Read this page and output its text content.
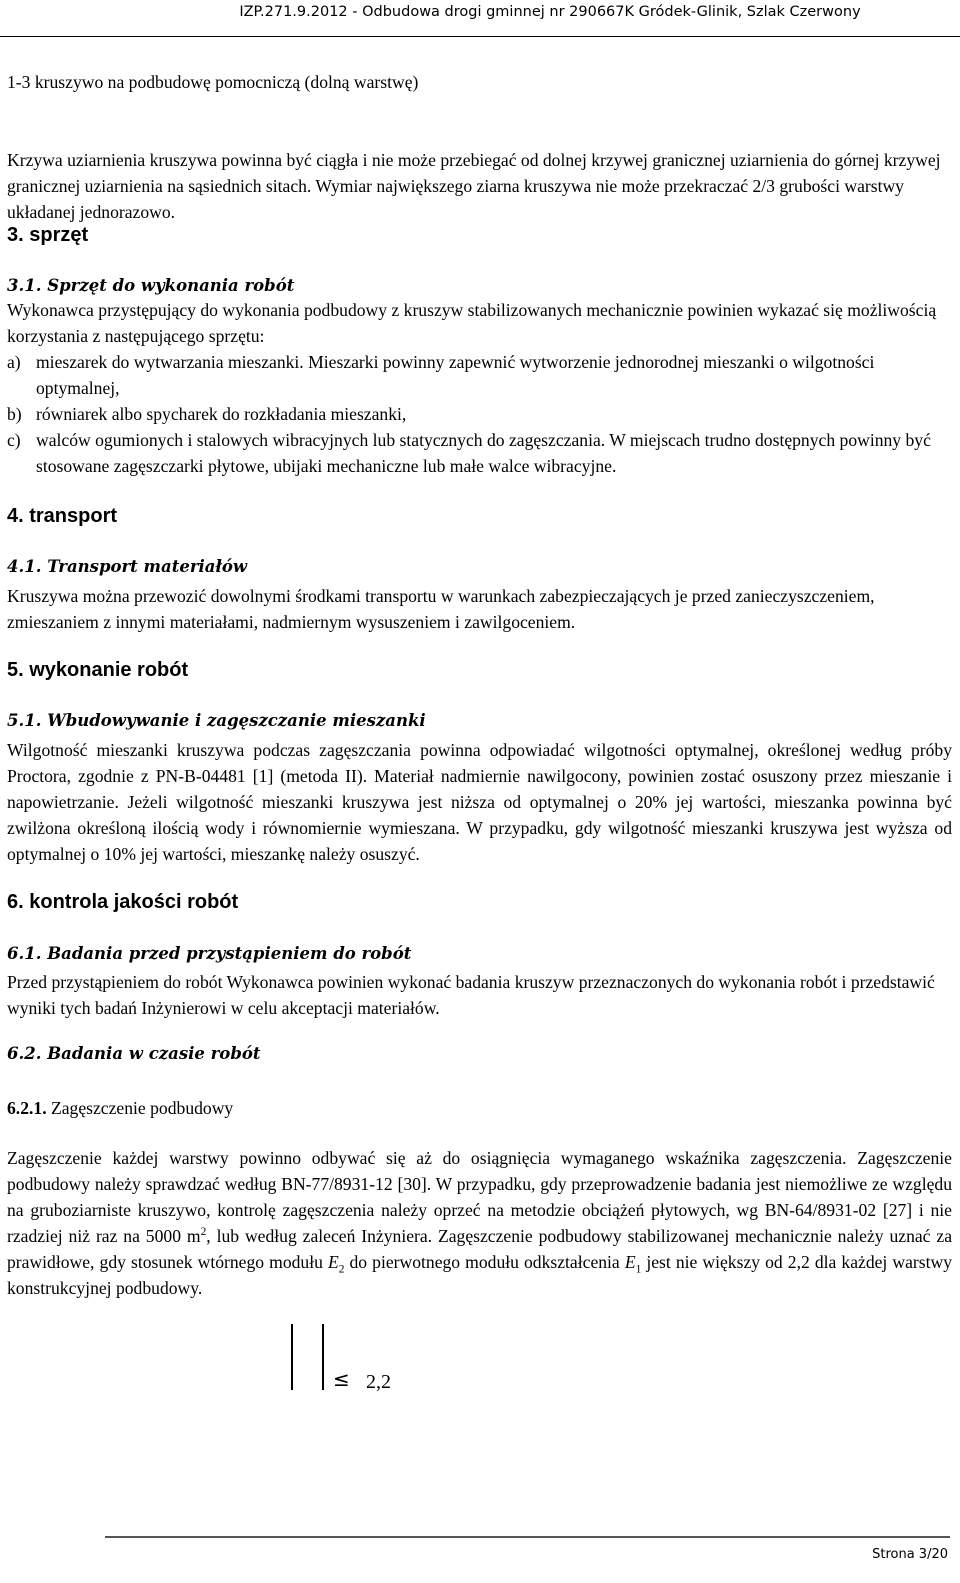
IZP.271.9.2012 - Odbudowa drogi gminnej nr 290667K Gródek-Glinik, Szlak Czerwony
1-3 kruszywo na podbudowę pomocniczą (dolną warstwę)
Krzywa uziarnienia kruszywa powinna być ciągła i nie może przebiegać od dolnej krzywej granicznej uziarnienia do górnej krzywej granicznej uziarnienia na sąsiednich sitach. Wymiar największego ziarna kruszywa nie może przekraczać 2/3 grubości warstwy układanej jednorazowo.
3. sprzęt
3.1. Sprzęt do wykonania robót
Wykonawca przystępujący do wykonania podbudowy z kruszyw stabilizowanych mechanicznie powinien wykazać się możliwością korzystania z następującego sprzętu:
a) mieszarek do wytwarzania mieszanki. Mieszarki powinny zapewnić wytworzenie jednorodnej mieszanki o wilgotności optymalnej,
b) równiarek albo spycharek do rozkładania mieszanki,
c) walców ogumionych i stalowych wibracyjnych lub statycznych do zagęszczania. W miejscach trudno dostępnych powinny być stosowane zagęszczarki płytowe, ubijaki mechaniczne lub małe walce wibracyjne.
4. transport
4.1. Transport materiałów
Kruszywa można przewozić dowolnymi środkami transportu w warunkach zabezpieczających je przed zanieczyszczeniem, zmieszaniem z innymi materiałami, nadmiernym wysuszeniem i zawilgoceniem.
5. wykonanie robót
5.1. Wbudowywanie i zagęszczanie mieszanki
Wilgotność mieszanki kruszywa podczas zagęszczania powinna odpowiadać wilgotności optymalnej, określonej według próby Proctora, zgodnie z PN-B-04481 [1] (metoda II). Materiał nadmiernie nawilgocony, powinien zostać osuszony przez mieszanie i napowietrzanie. Jeżeli wilgotność mieszanki kruszywa jest niższa od optymalnej o 20% jej wartości, mieszanka powinna być zwilżona określoną ilością wody i równomiernie wymieszana. W przypadku, gdy wilgotność mieszanki kruszywa jest wyższa od optymalnej o 10% jej wartości, mieszankę należy osuszyć.
6. kontrola jakości robót
6.1. Badania przed przystąpieniem do robót
Przed przystąpieniem do robót Wykonawca powinien wykonać badania kruszyw przeznaczonych do wykonania robót i przedstawić wyniki tych badań Inżynierowi w celu akceptacji materiałów.
6.2. Badania w czasie robót
6.2.1. Zagęszczenie podbudowy
Zagęszczenie każdej warstwy powinno odbywać się aż do osiągnięcia wymaganego wskaźnika zagęszczenia. Zagęszczenie podbudowy należy sprawdzać według BN-77/8931-12 [30]. W przypadku, gdy przeprowadzenie badania jest niemożliwe ze względu na gruboziarniste kruszywo, kontrolę zagęszczenia należy oprzeć na metodzie obciążeń płytowych, wg BN-64/8931-02 [27] i nie rzadziej niż raz na 5000 $m^2$, lub według zaleceń Inżyniera. Zagęszczenie podbudowy stabilizowanej mechanicznie należy uznać za prawidłowe, gdy stosunek wtórnego modułu $E_2$ do pierwotnego modułu odkształcenia $E_1$ jest nie większy od 2,2 dla każdej warstwy konstrukcyjnej podbudowy.
≤ 2,2
Strona 3/20
